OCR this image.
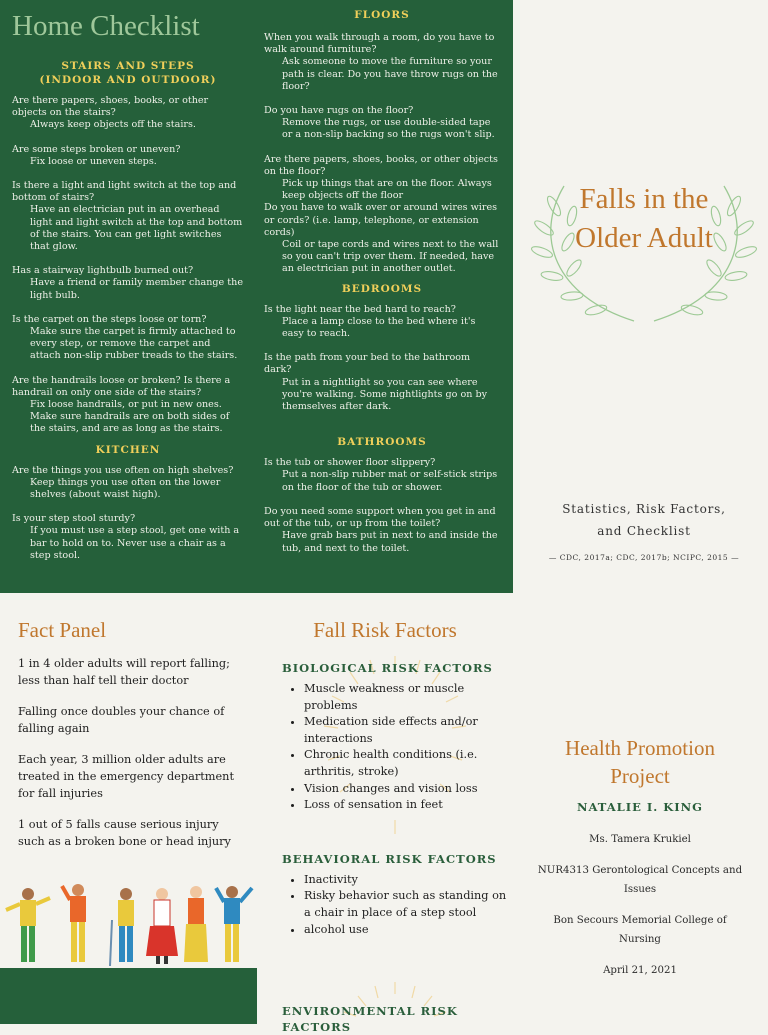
Home Checklist
STAIRS AND STEPS
(INDOOR AND OUTDOOR)

Are there papers, shoes, books, or other objects on the stairs?

Always keep objects off the stairs.

Are some steps broken or uneven?

Fix loose or uneven steps.

Is there a light and light switch at the top and bottom of stairs?

Have an electrician put in an overhead light and light switch at the top and bottom of the stairs. You can get light switches that glow.

Has a stairway lightbulb burned out?

Have a friend or family member change the light bulb.

Is the carpet on the steps loose or torn?

Make sure the carpet is firmly attached to every step, or remove the carpet and attach non-slip rubber treads to the stairs.

Are the handrails loose or broken? Is there a handrail on only one side of the stairs?

Fix loose handrails, or put in new ones. Make sure handrails are on both sides of the stairs, and are as long as the stairs.

KITCHEN

Are the things you use often on high shelves?

Keep things you use often on the lower shelves (about waist high).

Is your step stool sturdy?

If you must use a step stool, get one with a bar to hold on to. Never use a chair as a step stool.

FLOORS

When you walk through a room, do you have to walk around furniture?

Ask someone to move the furniture so your path is clear. Do you have throw rugs on the floor?

Do you have rugs on the floor?

Remove the rugs, or use double-sided tape or a non-slip backing so the rugs won't slip.

Are there papers, shoes, books, or other objects on the floor?

Pick up things that are on the floor. Always keep objects off the floor

Do you have to walk over or around wires wires or cords? (i.e. lamp, telephone, or extension cords)

Coil or tape cords and wires next to the wall so you can't trip over them. If needed, have an electrician put in another outlet.

BEDROOMS

Is the light near the bed hard to reach?

Place a lamp close to the bed where it's easy to reach.

Is the path from your bed to the bathroom dark?

Put in a nightlight so you can see where you're walking. Some nightlights go on by themselves after dark.

BATHROOMS

Is the tub or shower floor slippery?

Put a non-slip rubber mat or self-stick strips on the floor of the tub or shower.

Do you need some support when you get in and out of the tub, or up from the toilet?

Have grab bars put in next to and inside the tub, and next to the toilet.

Falls in the
Older Adult
Statistics, Risk Factors,
and Checklist
— CDC, 2017a; CDC, 2017b; NCIPC, 2015 —
Fact Panel

1 in 4 older adults will report falling; less than half tell their doctor

Falling once doubles your chance of falling again

Each year, 3 million older adults are treated in the emergency department for fall injuries

1 out of 5 falls cause serious injury such as a broken bone or head injury

Fall Risk Factors
BIOLOGICAL RISK FACTORS
• Muscle weakness or muscle problems
• Medication side effects and/or interactions
• Chronic health conditions (i.e. arthritis, stroke)
• Vision changes and vision loss
• Loss of sensation in feet
BEHAVIORAL RISK FACTORS
• Inactivity
• Risky behavior such as standing on a chair in place of a step stool
• alcohol use
ENVIRONMENTAL RISK FACTORS
Health Promotion
Project
NATALIE I. KING
Ms. Tamera Krukiel
NUR4313 Gerontological Concepts and Issues
Bon Secours Memorial College of Nursing
April 21, 2021
